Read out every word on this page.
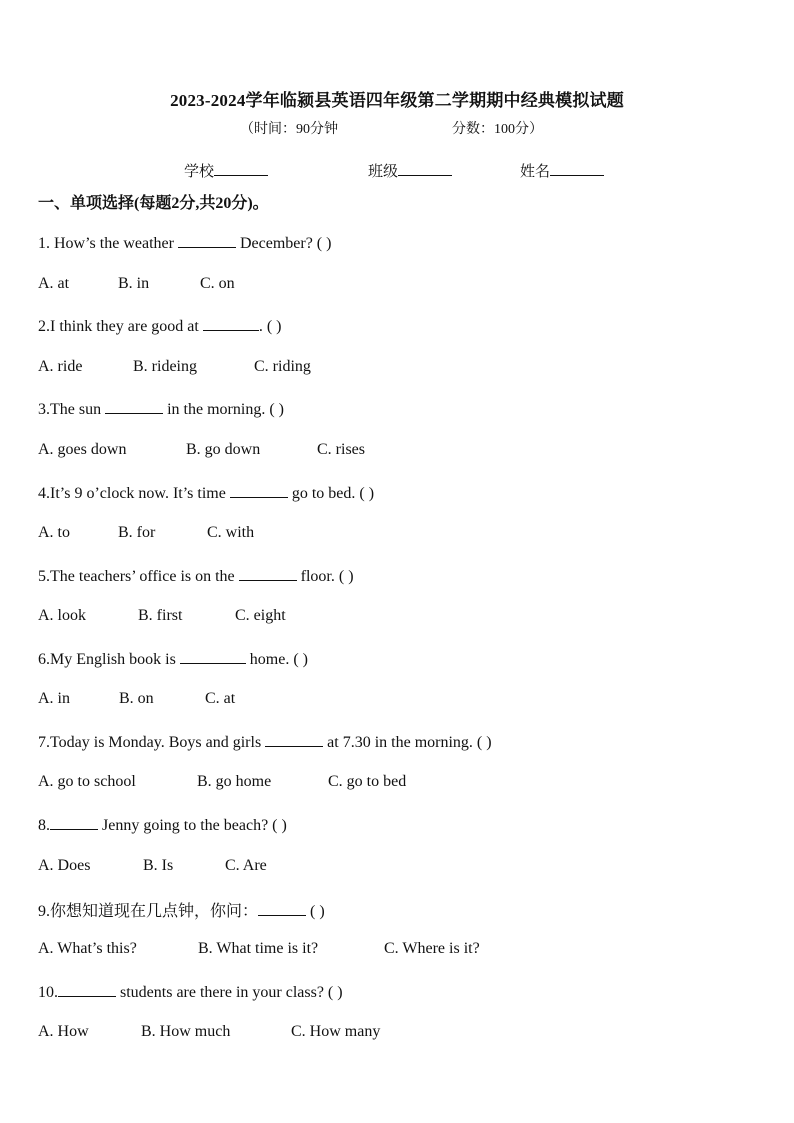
2023-2024学年临颍县英语四年级第二学期期中经典模拟试题
（时间：90分钟	分数：100分）
学校	班级	姓名
一、单项选择(每题2分,共20分)。
1. How’s the weather	December? ( )
A. at	B. in	C. on
2.I think they are good at	. ( )
A. ride	B. rideing	C. riding
3.The sun	in the morning. ( )
A. goes down	B. go down	C. rises
4.It’s 9 o’clock now. It’s time	go to bed. ( )
A. to	B. for	C. with
5.The teachers’ office is on the	floor. ( )
A. look	B. first	C. eight
6.My English book is	home. ( )
A. in	B. on	C. at
7.Today is Monday. Boys and girls	at 7.30 in the morning. ( )
A. go to school	B. go home	C. go to bed
8.	Jenny going to the beach? ( )
A. Does	B. Is	C. Are
9.你想知道现在几点钟，你问：	( )
A. What’s this?	B. What time is it?	C. Where is it?
10.	students are there in your class? ( )
A. How	B. How much	C. How many
